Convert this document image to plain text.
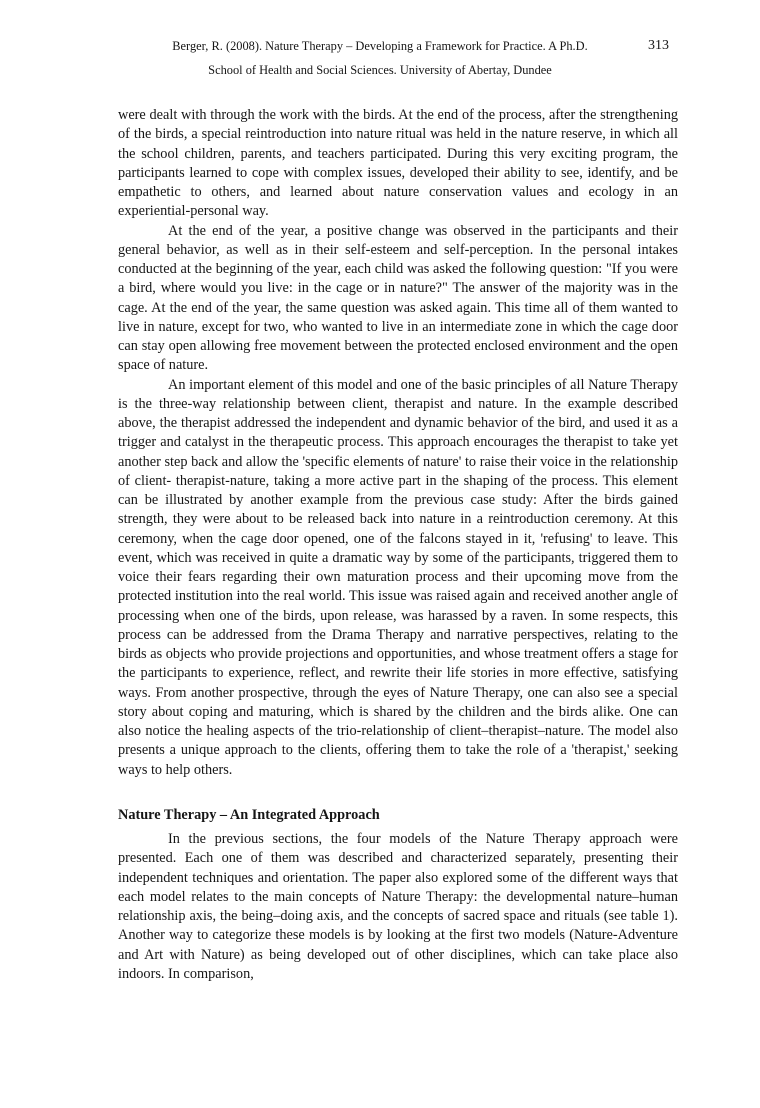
Berger, R. (2008). Nature Therapy – Developing a Framework for Practice. A Ph.D.	313
School of Health and Social Sciences. University of Abertay, Dundee

were dealt with through the work with the birds. At the end of the process, after the strengthening of the birds, a special reintroduction into nature ritual was held in the nature reserve, in which all the school children, parents, and teachers participated. During this very exciting program, the participants learned to cope with complex issues, developed their ability to see, identify, and be empathetic to others, and learned about nature conservation values and ecology in an experiential-personal way.

At the end of the year, a positive change was observed in the participants and their general behavior, as well as in their self-esteem and self-perception. In the personal intakes conducted at the beginning of the year, each child was asked the following question: "If you were a bird, where would you live: in the cage or in nature?" The answer of the majority was in the cage. At the end of the year, the same question was asked again. This time all of them wanted to live in nature, except for two, who wanted to live in an intermediate zone in which the cage door can stay open allowing free movement between the protected enclosed environment and the open space of nature.

An important element of this model and one of the basic principles of all Nature Therapy is the three-way relationship between client, therapist and nature. In the example described above, the therapist addressed the independent and dynamic behavior of the bird, and used it as a trigger and catalyst in the therapeutic process. This approach encourages the therapist to take yet another step back and allow the 'specific elements of nature' to raise their voice in the relationship of client- therapist-nature, taking a more active part in the shaping of the process. This element can be illustrated by another example from the previous case study: After the birds gained strength, they were about to be released back into nature in a reintroduction ceremony. At this ceremony, when the cage door opened, one of the falcons stayed in it, 'refusing' to leave. This event, which was received in quite a dramatic way by some of the participants, triggered them to voice their fears regarding their own maturation process and their upcoming move from the protected institution into the real world. This issue was raised again and received another angle of processing when one of the birds, upon release, was harassed by a raven. In some respects, this process can be addressed from the Drama Therapy and narrative perspectives, relating to the birds as objects who provide projections and opportunities, and whose treatment offers a stage for the participants to experience, reflect, and rewrite their life stories in more effective, satisfying ways. From another prospective, through the eyes of Nature Therapy, one can also see a special story about coping and maturing, which is shared by the children and the birds alike. One can also notice the healing aspects of the trio-relationship of client–therapist–nature. The model also presents a unique approach to the clients, offering them to take the role of a 'therapist,' seeking ways to help others.

Nature Therapy – An Integrated Approach

In the previous sections, the four models of the Nature Therapy approach were presented. Each one of them was described and characterized separately, presenting their independent techniques and orientation. The paper also explored some of the different ways that each model relates to the main concepts of Nature Therapy: the developmental nature–human relationship axis, the being–doing axis, and the concepts of sacred space and rituals (see table 1). Another way to categorize these models is by looking at the first two models (Nature-Adventure and Art with Nature) as being developed out of other disciplines, which can take place also indoors. In comparison,
